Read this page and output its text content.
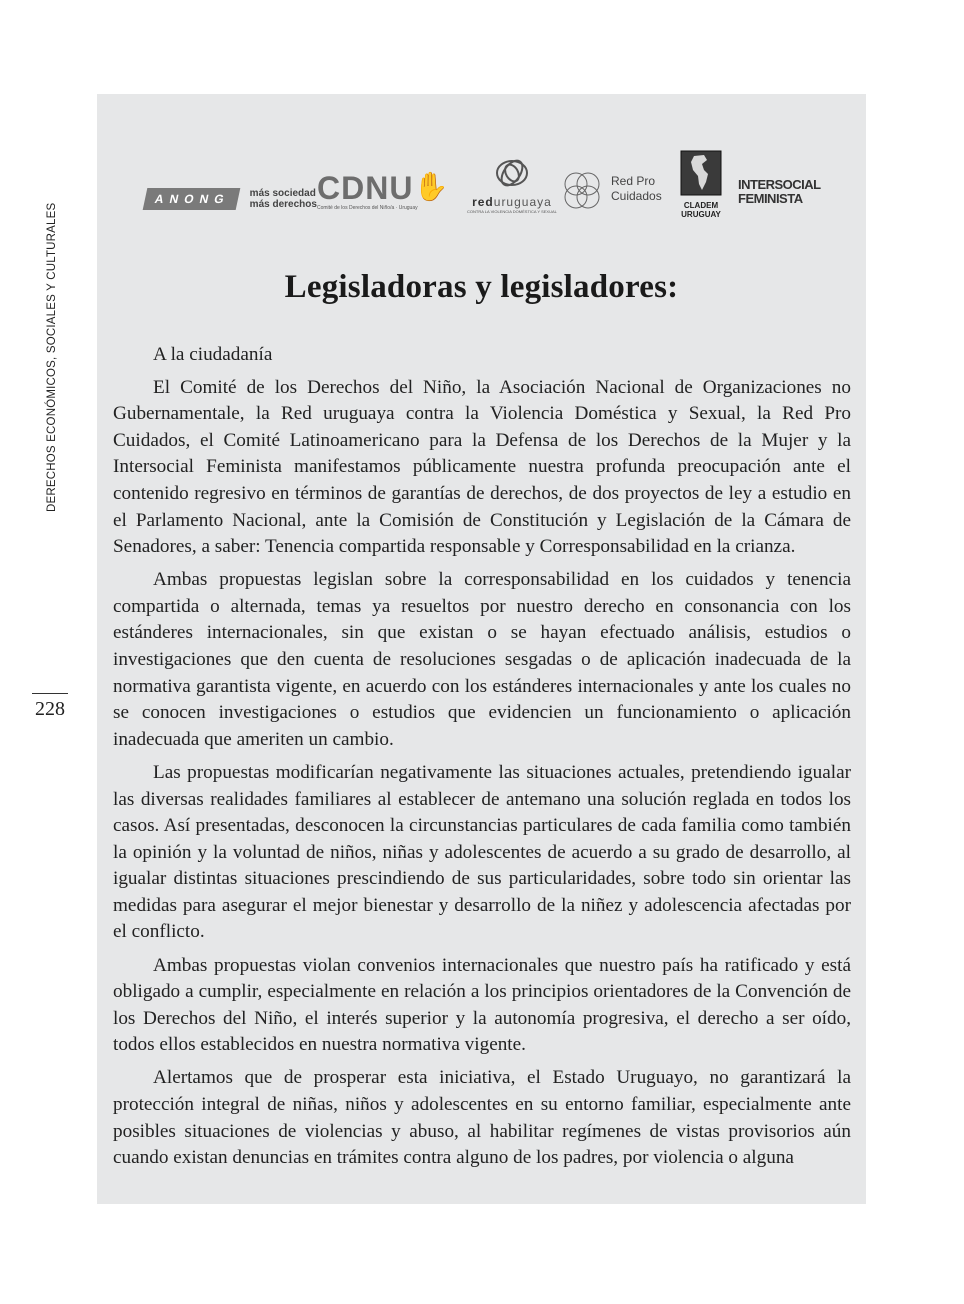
DERECHOS ECONÓMICOS, SOCIALES Y CULTURALES
228
ANONG más sociedad
más derechos CDNU✋
Comité de los Derechos del Niño/a · Uruguay	reduruguaya
CONTRA LA VIOLENCIA DOMÉSTICA Y SEXUAL
Red Pro
Cuidados
CLADEM
URUGUAY
INTERSOCIAL
FEMINISTA
Legisladoras y legisladores:

A la ciudadanía

El Comité de los Derechos del Niño, la Asociación Nacional de Organizaciones no Gubernamentale, la Red uruguaya contra la Violencia Doméstica y Sexual, la Red Pro Cuidados, el Comité Latinoamericano para la Defensa de los Derechos de la Mujer y la Intersocial Feminista manifestamos públicamente nuestra profunda preocupación ante el contenido regresivo en términos de garantías de derechos, de dos proyectos de ley a estudio en el Parlamento Nacional, ante la Comisión de Constitución y Legislación de la Cámara de Senadores, a saber: Tenencia compartida responsable y Corresponsabilidad en la crianza.

Ambas propuestas legislan sobre la corresponsabilidad en los cuidados y tenencia compartida o alternada, temas ya resueltos por nuestro derecho en consonancia con los estánderes internacionales, sin que existan o se hayan efectuado análisis, estudios o investigaciones que den cuenta de resoluciones sesgadas o de aplicación inadecuada de la normativa garantista vigente, en acuerdo con los estánderes internacionales y ante los cuales no se conocen investigaciones o estudios que evidencien un funcionamiento o aplicación inadecuada que ameriten un cambio.

Las propuestas modificarían negativamente las situaciones actuales, pretendiendo igualar las diversas realidades familiares al establecer de antemano una solución reglada en todos los casos. Así presentadas, desconocen la circunstancias particulares de cada familia como también la opinión y la voluntad de niños, niñas y adolescentes de acuerdo a su grado de desarrollo, al igualar distintas situaciones prescindiendo de sus particularidades, sobre todo sin orientar las medidas para asegurar el mejor bienestar y desarrollo de la niñez y adolescencia afectadas por el conflicto.

Ambas propuestas violan convenios internacionales que nuestro país ha ratificado y está obligado a cumplir, especialmente en relación a los principios orientadores de la Convención de los Derechos del Niño, el interés superior y la autonomía progresiva, el derecho a ser oído, todos ellos establecidos en nuestra normativa vigente.

Alertamos que de prosperar esta iniciativa, el Estado Uruguayo, no garantizará la protección integral de niñas, niños y adolescentes en su entorno familiar, especialmente ante posibles situaciones de violencias y abuso, al habilitar regímenes de vistas provisorios aún cuando existan denuncias en trámites contra alguno de los padres, por violencia o alguna
